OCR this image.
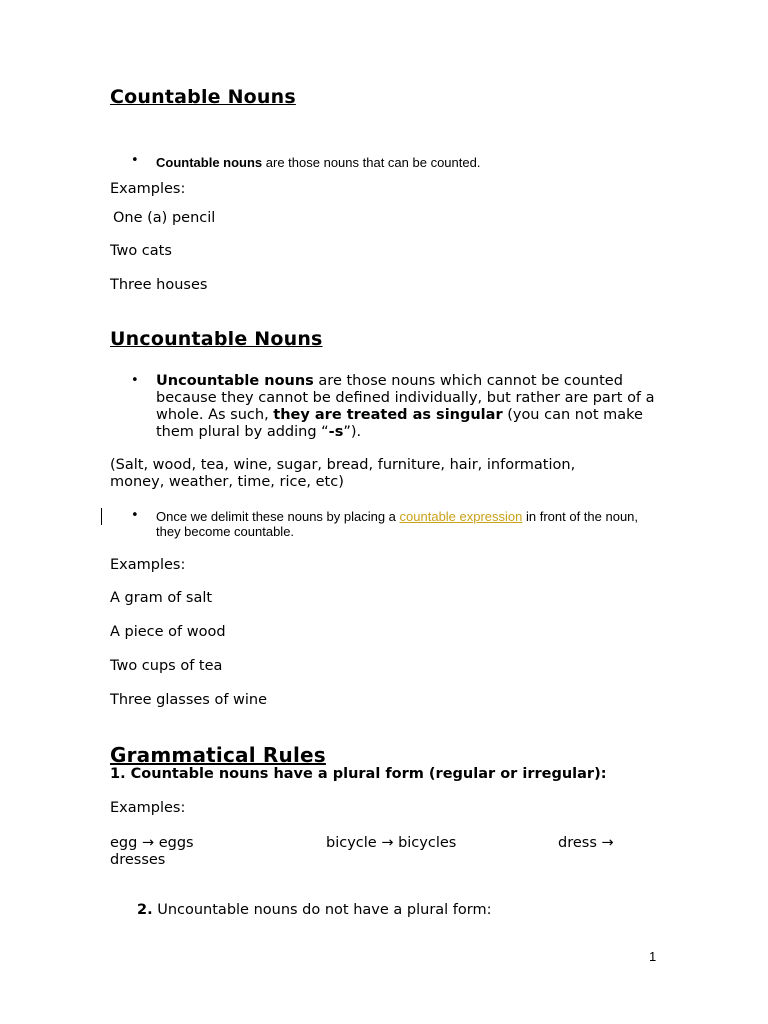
Countable Nouns
• Countable nouns are those nouns that can be counted.

Examples:

One (a) pencil

Two cats

Three houses

Uncountable Nouns
• Uncountable nouns are those nouns which cannot be counted because they cannot be defined individually, but rather are part of a whole. As such, they are treated as singular (you can not make them plural by adding “-s”).

(Salt, wood, tea, wine, sugar, bread, furniture, hair, information, money, weather, time, rice, etc)

• Once we delimit these nouns by placing a countable expression in front of the noun, they become countable.

Examples:

A gram of salt

A piece of wood

Two cups of tea

Three glasses of wine

Grammatical Rules

1. Countable nouns have a plural form (regular or irregular):

Examples:

egg → eggs	bicycle → bicycles	dress →

dresses

2. Uncountable nouns do not have a plural form:

1
